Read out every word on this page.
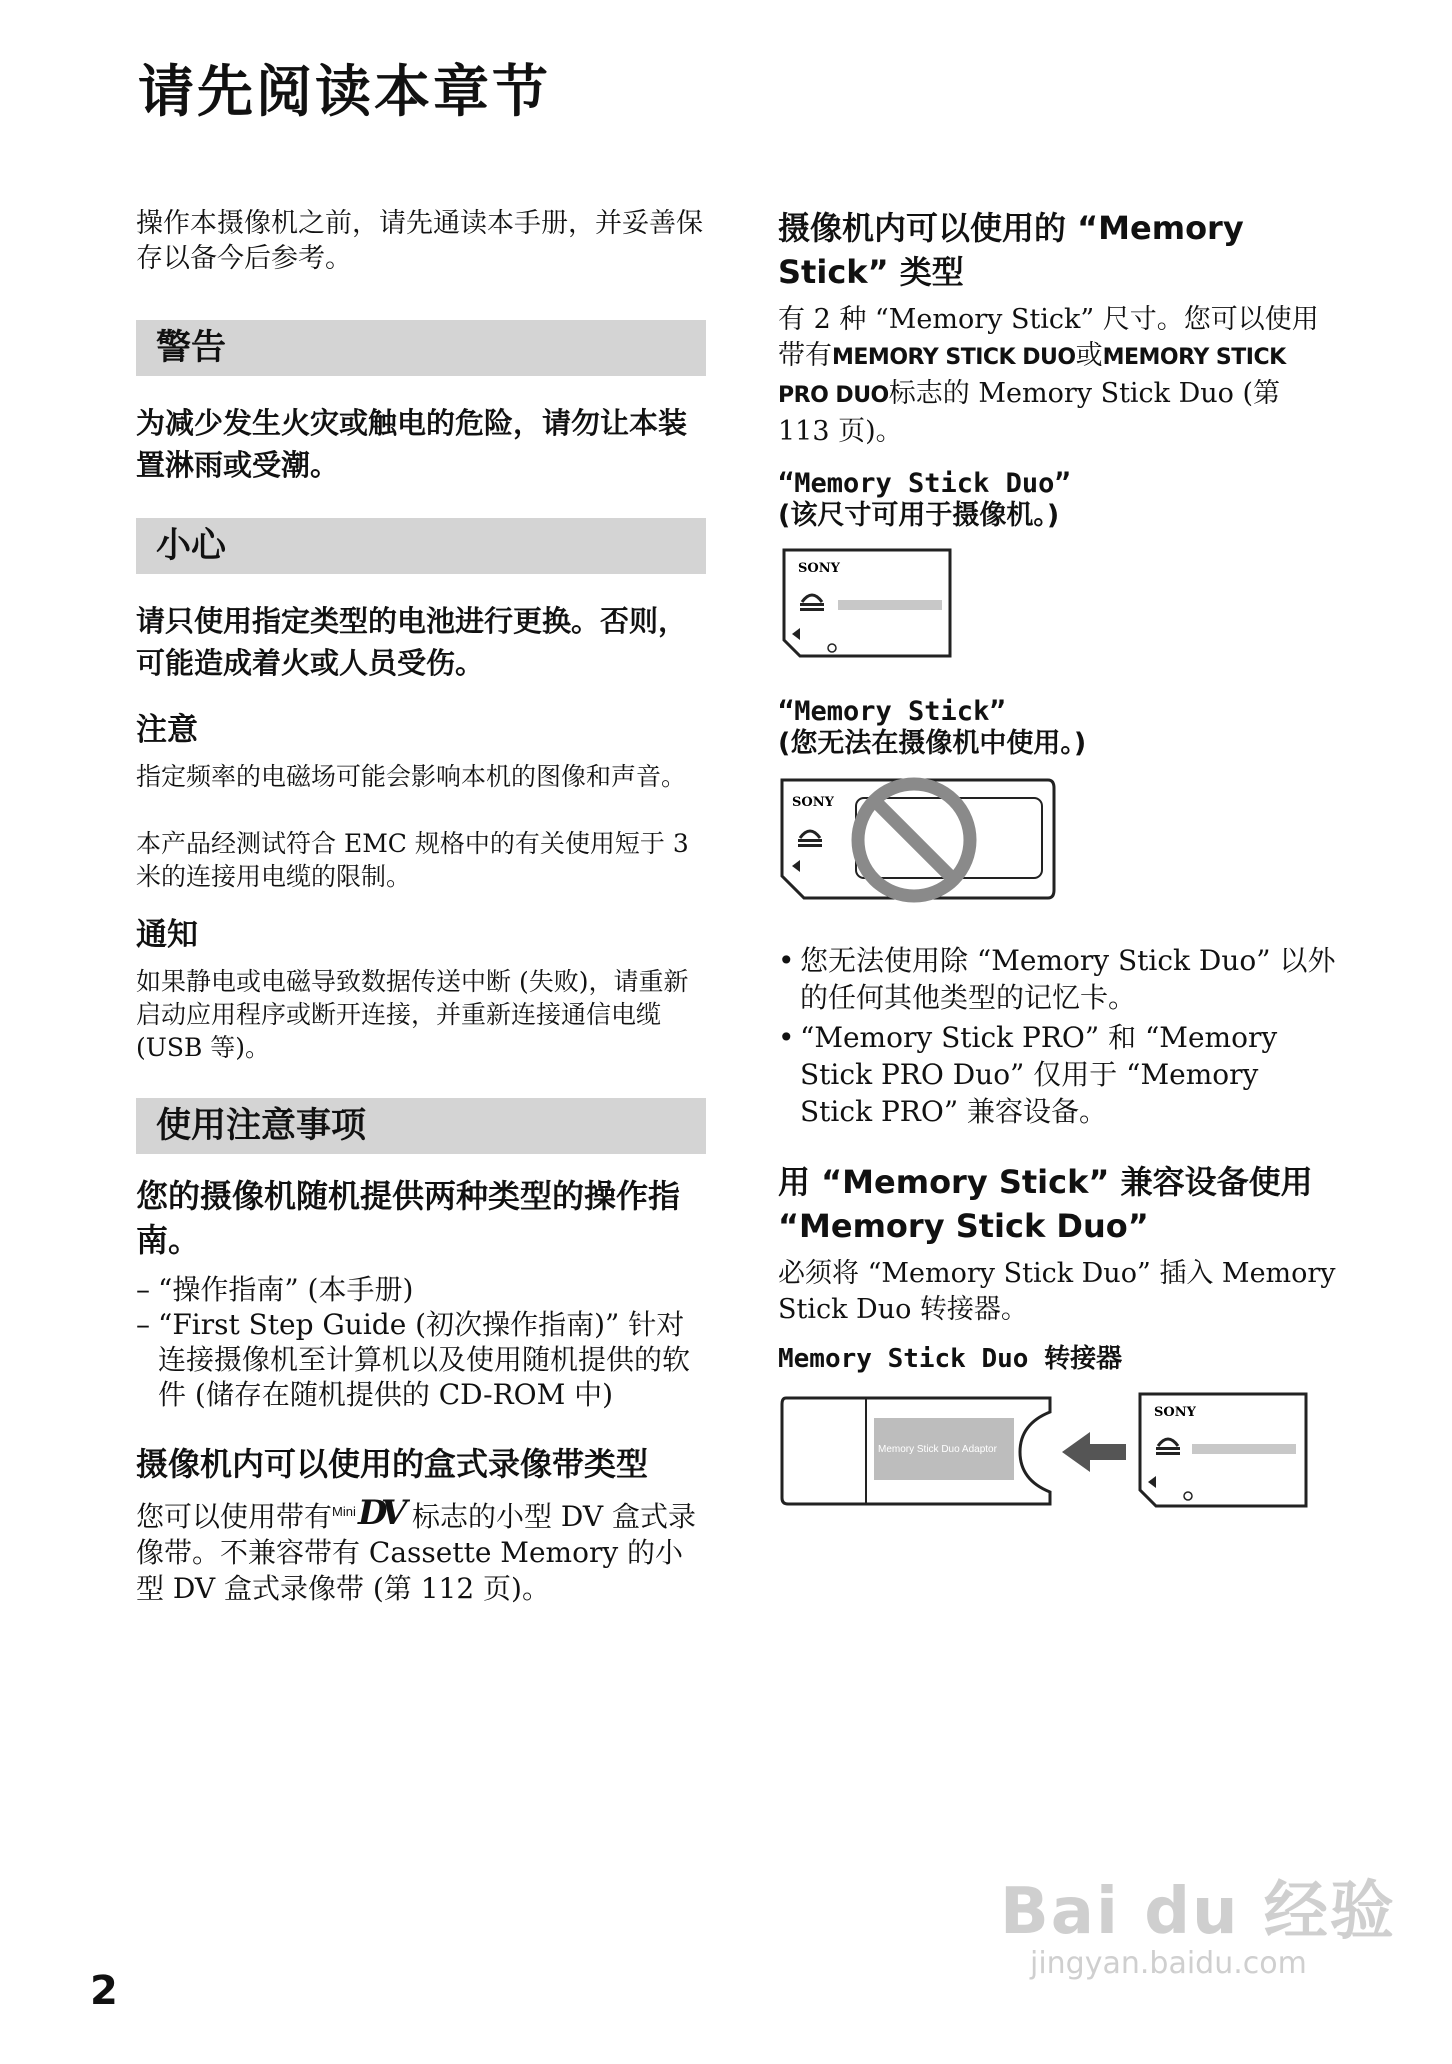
请先阅读本章节

操作本摄像机之前，请先通读本手册，并妥善保存以备今后参考。

警告

为减少发生火灾或触电的危险，请勿让本装置淋雨或受潮。

小心

请只使用指定类型的电池进行更换。否则，可能造成着火或人员受伤。

注意

指定频率的电磁场可能会影响本机的图像和声音。

本产品经测试符合 EMC 规格中的有关使用短于 3 米的连接用电缆的限制。

通知

如果静电或电磁导致数据传送中断 (失败)，请重新启动应用程序或断开连接，并重新连接通信电缆 (USB 等)。

使用注意事项
您的摄像机随机提供两种类型的操作指南。
– “操作指南” (本手册)
– “First Step Guide (初次操作指南)” 针对连接摄像机至计算机以及使用随机提供的软件 (储存在随机提供的 CD-ROM 中)
摄像机内可以使用的盒式录像带类型

您可以使用带有 Mini DV 标志的小型 DV 盒式录像带。不兼容带有 Cassette Memory 的小型 DV 盒式录像带 (第 112 页)。

摄像机内可以使用的 “Memory Stick” 类型

有 2 种 “Memory Stick” 尺寸。您可以使用带有MEMORY STICK DUO或MEMORY STICK PRO DUO标志的 Memory Stick Duo (第 113 页)。

“Memory Stick Duo”
(该尺寸可用于摄像机。)
SONY
“Memory Stick”
(您无法在摄像机中使用。)
SONY
• 您无法使用除 “Memory Stick Duo” 以外的任何其他类型的记忆卡。
• “Memory Stick PRO” 和 “Memory Stick PRO Duo” 仅用于 “Memory Stick PRO” 兼容设备。
用 “Memory Stick” 兼容设备使用 “Memory Stick Duo”

必须将 “Memory Stick Duo” 插入 Memory Stick Duo 转接器。

Memory Stick Duo 转接器
Memory Stick Duo Adaptor
SONY
2
Bai du 经验
jingyan.baidu.com
